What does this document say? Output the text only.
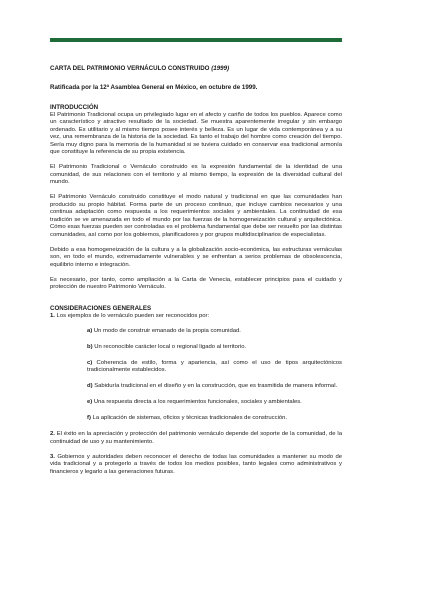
CARTA DEL PATRIMONIO VERNÁCULO CONSTRUIDO (1999)
Ratificada por la 12ª Asamblea General en México, en octubre de 1999.
INTRODUCCIÓN

El Patrimonio Tradicional ocupa un privilegiado lugar en el afecto y cariño de todos los pueblos. Aparece como un característico y atractivo resultado de la sociedad. Se muestra aparentemente irregular y sin embargo ordenado. Es utilitario y al mismo tiempo posee interés y belleza. Es un lugar de vida contemporánea y a su vez, una remembranza de la historia de la sociedad. Es tanto el trabajo del hombre como creación del tiempo. Sería muy digno para la memoria de la humanidad si se tuviera cuidado en conservar esa tradicional armonía que constituye la referencia de su propia existencia.

El Patrimonio Tradicional o Vernáculo construido es la expresión fundamental de la identidad de una comunidad, de sus relaciones con el territorio y al mismo tiempo, la expresión de la diversidad cultural del mundo.

El Patrimonio Vernáculo construido constituye el modo natural y tradicional en que las comunidades han producido su propio hábitat. Forma parte de un proceso continuo, que incluye cambios necesarios y una continua adaptación como respuesta a los requerimientos sociales y ambientales. La continuidad de esa tradición se ve amenazada en todo el mundo por las fuerzas de la homogeneización cultural y arquitectónica. Cómo esas fuerzas pueden ser controladas es el problema fundamental que debe ser resuelto por las distintas comunidades, así como por los gobiernos, planificadores y por grupos multidisciplinarios de especialistas.

Debido a esa homogeneización de la cultura y a la globalización socio-económica, las estructuras vernáculas son, en todo el mundo, extremadamente vulnerables y se enfrentan a serios problemas de obsolescencia, equilibrio interno e integración.

Es necesario, por tanto, como ampliación a la Carta de Venecia, establecer principios para el cuidado y protección de nuestro Patrimonio Vernáculo.

CONSIDERACIONES GENERALES
1. Los ejemplos de lo vernáculo pueden ser reconocidos por:
a) Un modo de construir emanado de la propia comunidad.
b) Un reconocible carácter local o regional ligado al territorio.
c) Coherencia de estilo, forma y apariencia, así como el uso de tipos arquitectónicos tradicionalmente establecidos.
d) Sabiduría tradicional en el diseño y en la construcción, que es trasmitida de manera informal.
e) Una respuesta directa a los requerimientos funcionales, sociales y ambientales.
f) La aplicación de sistemas, oficios y técnicas tradicionales de construcción.
2. El éxito en la apreciación y protección del patrimonio vernáculo depende del soporte de la comunidad, de la continuidad de uso y su mantenimiento.
3. Gobiernos y autoridades deben reconocer el derecho de todas las comunidades a mantener su modo de vida tradicional y a protegerlo a través de todos los medios posibles, tanto legales como administrativos y financieros y legarlo a las generaciones futuras.
